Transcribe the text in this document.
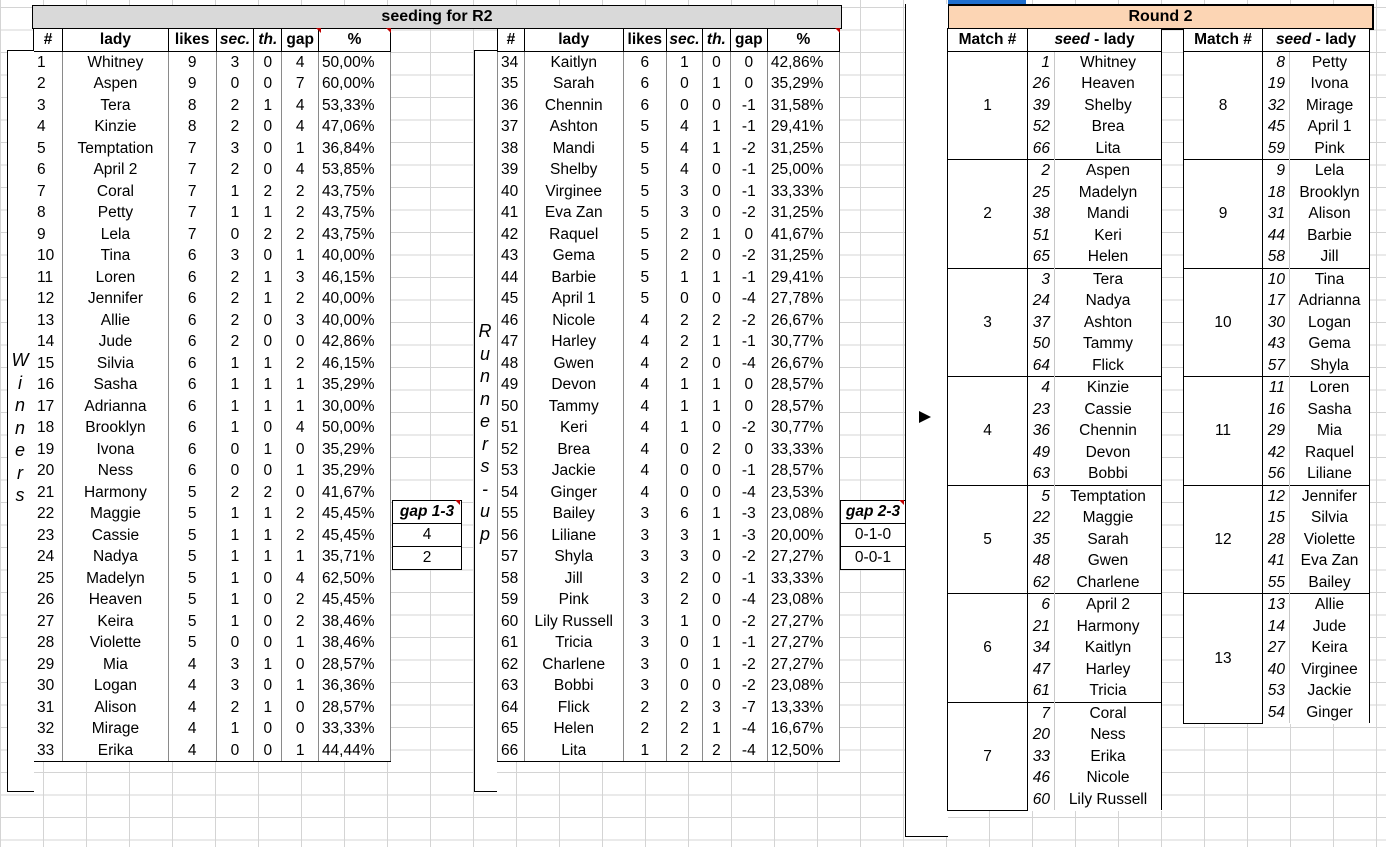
seeding for R2
#	lady	likes	sec.	th.	gap	%
1	Whitney	9	3	0	4	50,00%
2	Aspen	9	0	0	7	60,00%
3	Tera	8	2	1	4	53,33%
4	Kinzie	8	2	0	4	47,06%
5	Temptation	7	3	0	1	36,84%
6	April 2	7	2	0	4	53,85%
7	Coral	7	1	2	2	43,75%
8	Petty	7	1	1	2	43,75%
9	Lela	7	0	2	2	43,75%
10	Tina	6	3	0	1	40,00%
11	Loren	6	2	1	3	46,15%
12	Jennifer	6	2	1	2	40,00%
13	Allie	6	2	0	3	40,00%
14	Jude	6	2	0	0	42,86%
15	Silvia	6	1	1	2	46,15%
16	Sasha	6	1	1	1	35,29%
17	Adrianna	6	1	1	1	30,00%
18	Brooklyn	6	1	0	4	50,00%
19	Ivona	6	0	1	0	35,29%
20	Ness	6	0	0	1	35,29%
21	Harmony	5	2	2	0	41,67%
22	Maggie	5	1	1	2	45,45%
23	Cassie	5	1	1	2	45,45%
24	Nadya	5	1	1	1	35,71%
25	Madelyn	5	1	0	4	62,50%
26	Heaven	5	1	0	2	45,45%
27	Keira	5	1	0	2	38,46%
28	Violette	5	0	0	1	38,46%
29	Mia	4	3	1	0	28,57%
30	Logan	4	3	0	1	36,36%
31	Alison	4	2	1	0	28,57%
32	Mirage	4	1	0	0	33,33%
33	Erika	4	0	0	1	44,44%
#	lady	likes	sec.	th.	gap	%
34	Kaitlyn	6	1	0	0	42,86%
35	Sarah	6	0	1	0	35,29%
36	Chennin	6	0	0	-1	31,58%
37	Ashton	5	4	1	-1	29,41%
38	Mandi	5	4	1	-2	31,25%
39	Shelby	5	4	0	-1	25,00%
40	Virginee	5	3	0	-1	33,33%
41	Eva Zan	5	3	0	-2	31,25%
42	Raquel	5	2	1	0	41,67%
43	Gema	5	2	0	-2	31,25%
44	Barbie	5	1	1	-1	29,41%
45	April 1	5	0	0	-4	27,78%
46	Nicole	4	2	2	-2	26,67%
47	Harley	4	2	1	-1	30,77%
48	Gwen	4	2	0	-4	26,67%
49	Devon	4	1	1	0	28,57%
50	Tammy	4	1	1	0	28,57%
51	Keri	4	1	0	-2	30,77%
52	Brea	4	0	2	0	33,33%
53	Jackie	4	0	0	-1	28,57%
54	Ginger	4	0	0	-4	23,53%
55	Bailey	3	6	1	-3	23,08%
56	Liliane	3	3	1	-3	20,00%
57	Shyla	3	3	0	-2	27,27%
58	Jill	3	2	0	-1	33,33%
59	Pink	3	2	0	-4	23,08%
60	Lily Russell	3	1	0	-2	27,27%
61	Tricia	3	0	1	-1	27,27%
62	Charlene	3	0	1	-2	27,27%
63	Bobbi	3	0	0	-2	23,08%
64	Flick	2	2	3	-7	13,33%
65	Helen	2	2	1	-4	16,67%
66	Lita	1	2	2	-4	12,50%
W
i
n
n
e
r
s
R
u
n
n
e
r
s
-
u
p
gap 1-3
4
2
gap 2-3
0-1-0
0-0-1
Round 2
Match #	seed - lady	
1	1	Whitney
	26	Heaven
	39	Shelby
	52	Brea
	66	Lita
2	2	Aspen
	25	Madelyn
	38	Mandi
	51	Keri
	65	Helen
3	3	Tera
	24	Nadya
	37	Ashton
	50	Tammy
	64	Flick
4	4	Kinzie
	23	Cassie
	36	Chennin
	49	Devon
	63	Bobbi
5	5	Temptation
	22	Maggie
	35	Sarah
	48	Gwen
	62	Charlene
6	6	April 2
	21	Harmony
	34	Kaitlyn
	47	Harley
	61	Tricia
7	7	Coral
	20	Ness
	33	Erika
	46	Nicole
	60	Lily Russell
Match #	seed - lady	
8	8	Petty
	19	Ivona
	32	Mirage
	45	April 1
	59	Pink
9	9	Lela
	18	Brooklyn
	31	Alison
	44	Barbie
	58	Jill
10	10	Tina
	17	Adrianna
	30	Logan
	43	Gema
	57	Shyla
11	11	Loren
	16	Sasha
	29	Mia
	42	Raquel
	56	Liliane
12	12	Jennifer
	15	Silvia
	28	Violette
	41	Eva Zan
	55	Bailey
13	13	Allie
	14	Jude
	27	Keira
	40	Virginee
	53	Jackie
	54	Ginger
